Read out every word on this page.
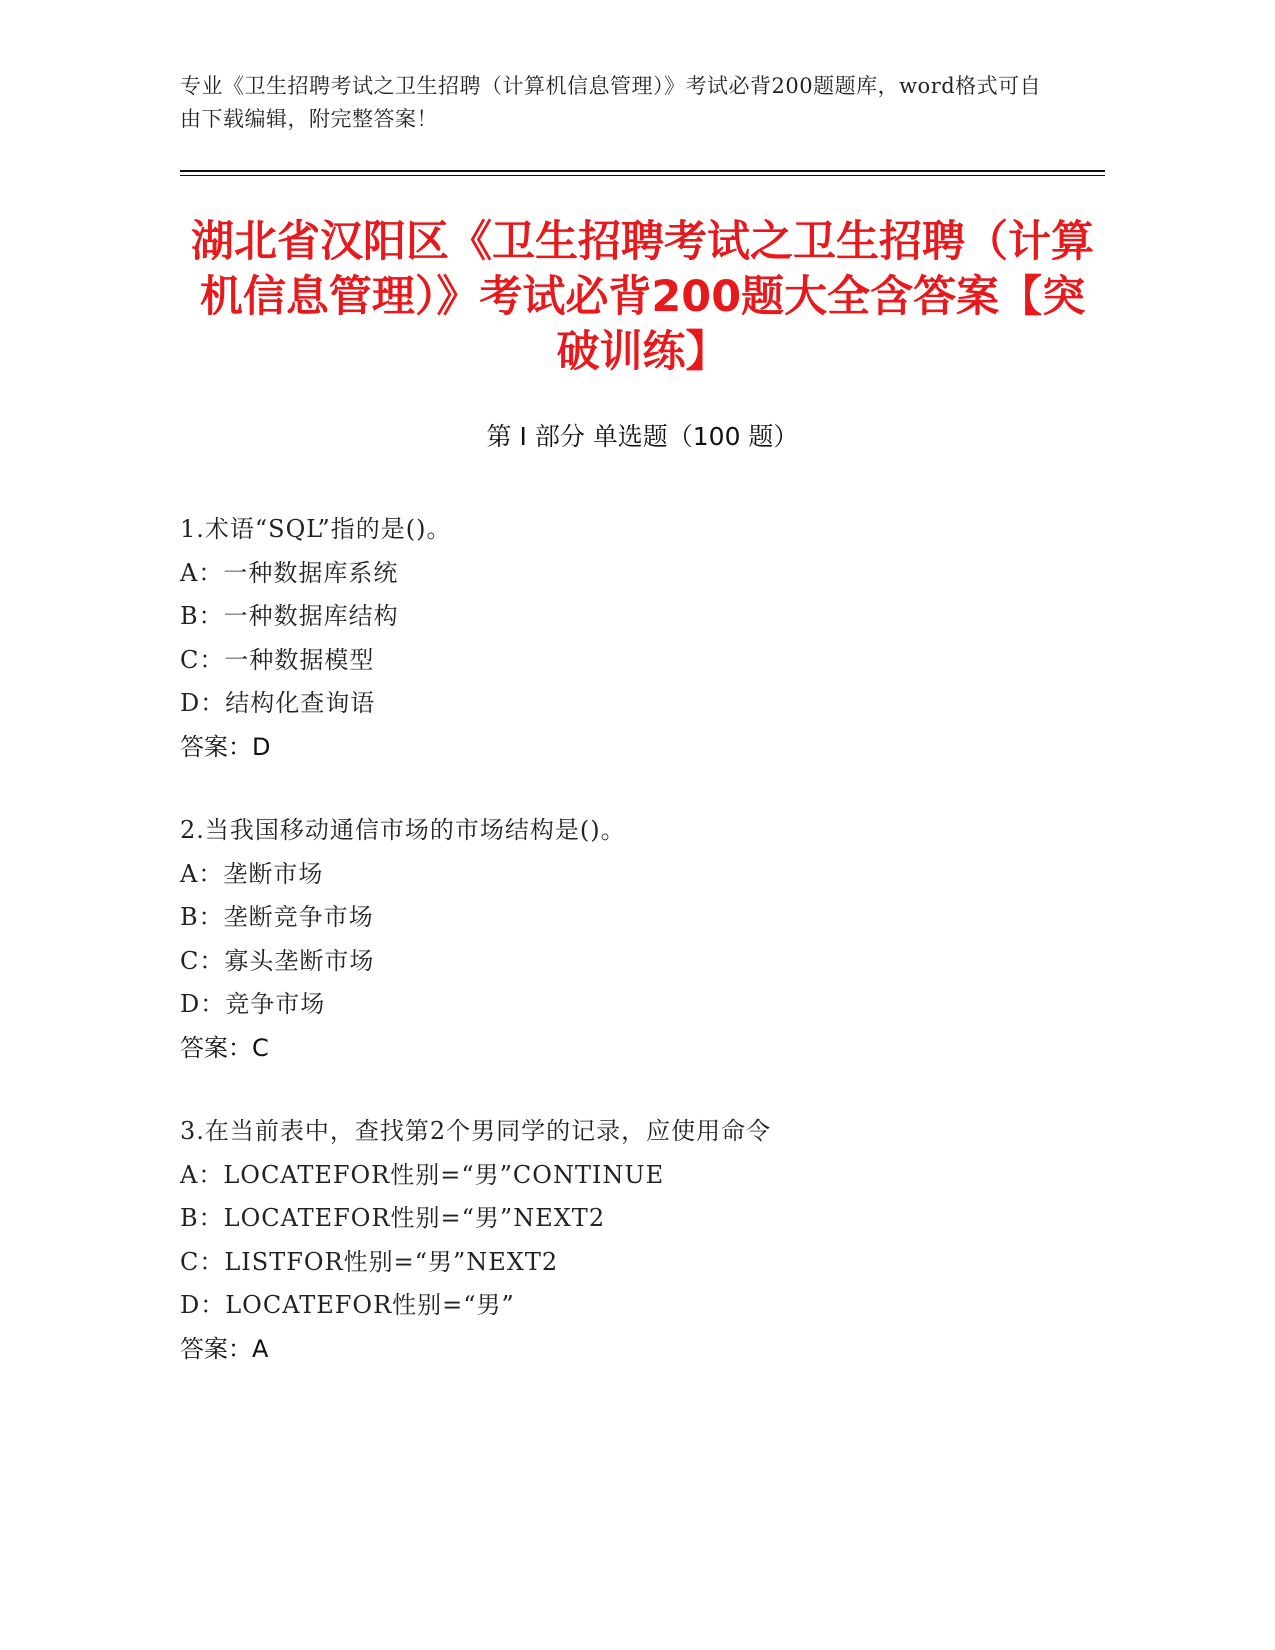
专业《卫生招聘考试之卫生招聘（计算机信息管理）》考试必背200题题库，word格式可自由下载编辑，附完整答案！
湖北省汉阳区《卫生招聘考试之卫生招聘（计算机信息管理）》考试必背200题大全含答案【突破训练】
第 I 部分 单选题（100 题）
1.术语“SQL”指的是()。
A：一种数据库系统
B：一种数据库结构
C：一种数据模型
D：结构化查询语
答案：D
2.当我国移动通信市场的市场结构是()。
A：垄断市场
B：垄断竞争市场
C：寡头垄断市场
D：竞争市场
答案：C
3.在当前表中，查找第2个男同学的记录，应使用命令
A：LOCATEFOR性别=“男”CONTINUE
B：LOCATEFOR性别=“男”NEXT2
C：LISTFOR性别=“男”NEXT2
D：LOCATEFOR性别=“男”
答案：A
